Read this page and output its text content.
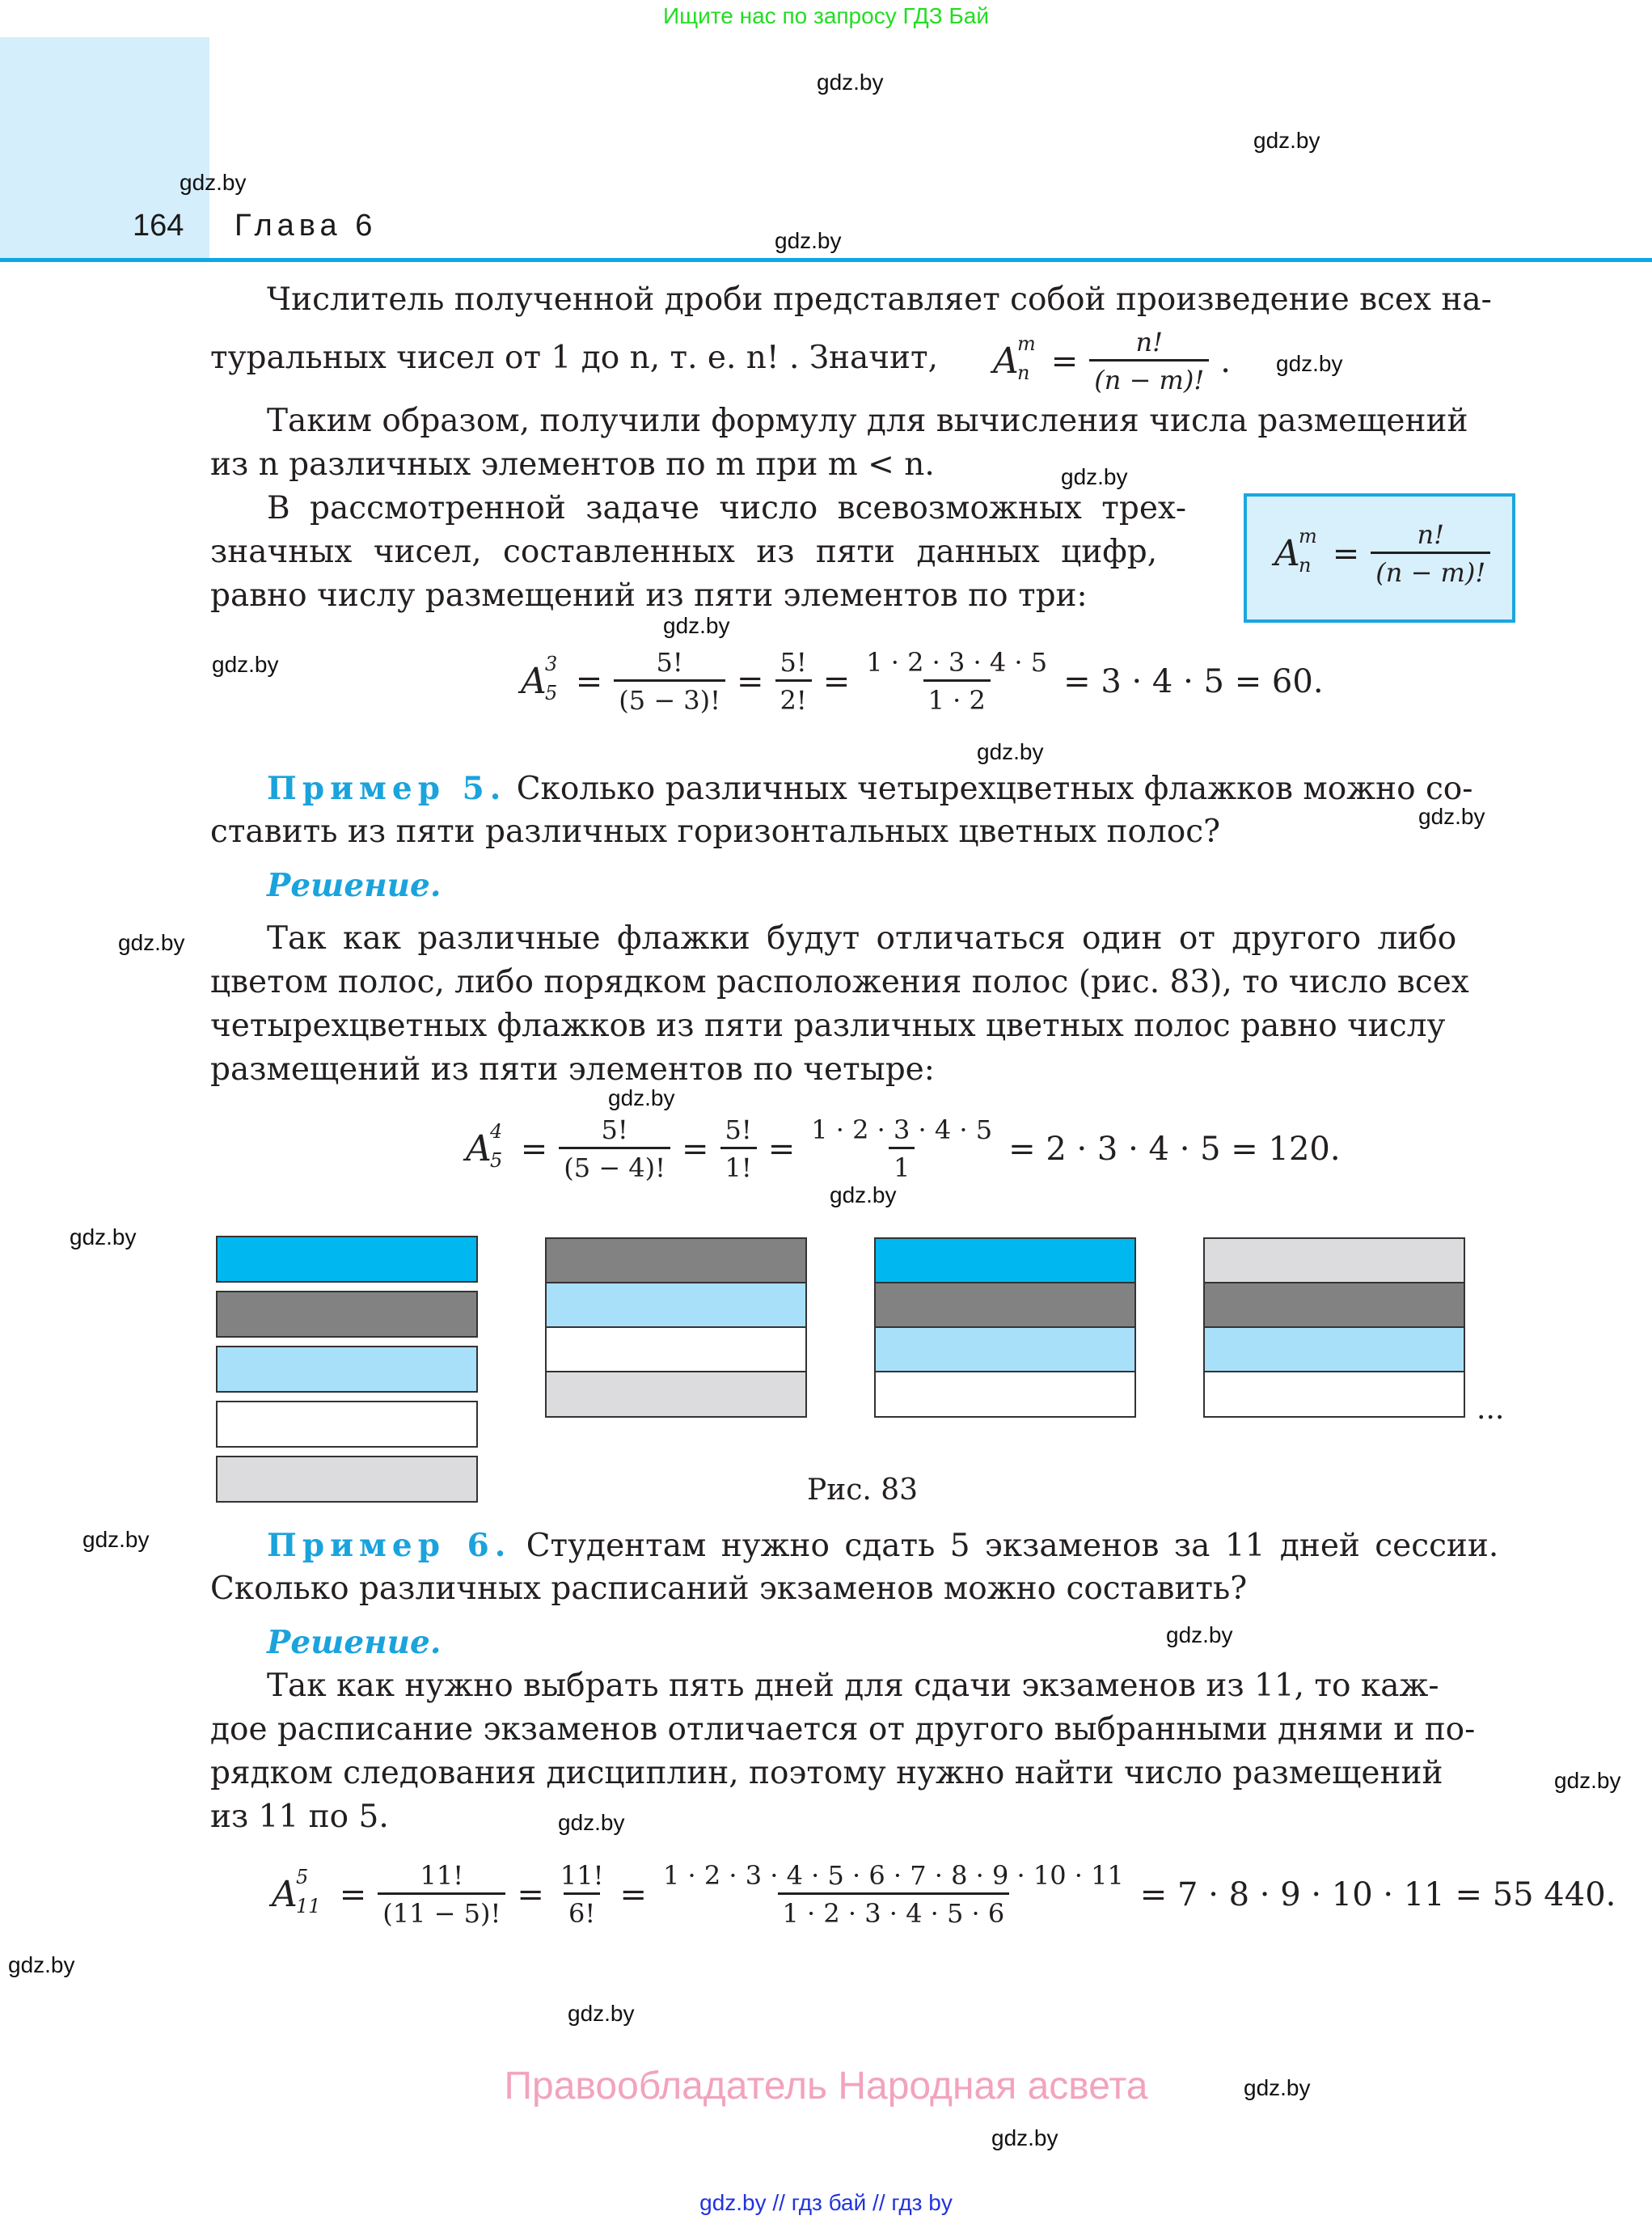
Ищите нас по запросу ГДЗ Бай
164 Глава 6
gdz.by
gdz.by
gdz.by
gdz.by
gdz.by
gdz.by
gdz.by
gdz.by
gdz.by
gdz.by
gdz.by
gdz.by
gdz.by
gdz.by
gdz.by
gdz.by
gdz.by
gdz.by
gdz.by
gdz.by
gdz.by
gdz.by
Числитель полученной дроби представляет собой произведение всех на-
туральных чисел от 1 до n, т. е. n! . Значит, A
m
$n = \frac{n!}{(n - m)!}$ .
Таким образом, получили формулу для вычисления числа размещений
из n различных элементов по m при m < n.
В рассмотренной задаче число всевозможных трех-
значных чисел, составленных из пяти данных цифр,
равно числу размещений из пяти элементов по три:
A
m
$n = \frac{n!}{(n - m)!}$
A
3
$5 = \frac{5!}{(5 - 3)!} = \frac{5!}{2!} = \frac{1 \cdot 2 \cdot 3 \cdot 4 \cdot 5}{1 \cdot 2} = 3 \cdot 4 \cdot 5 = 60$.
Пример 5. Сколько различных четырехцветных флажков можно со-
ставить из пяти различных горизонтальных цветных полос?
Решение.
Так как различные флажки будут отличаться один от другого либо
цветом полос, либо порядком расположения полос (рис. 83), то число всех
четырехцветных флажков из пяти различных цветных полос равно числу
размещений из пяти элементов по четыре:
A
4
$5 = \frac{5!}{(5 - 4)!} = \frac{5!}{1!} = \frac{1 \cdot 2 \cdot 3 \cdot 4 \cdot 5}{1} = 2 \cdot 3 \cdot 4 \cdot 5 = 120$.
...
Рис. 83
Пример 6. Студентам нужно сдать 5 экзаменов за 11 дней сессии.
Сколько различных расписаний экзаменов можно составить?
Решение.
Так как нужно выбрать пять дней для сдачи экзаменов из 11, то каж-
дое расписание экзаменов отличается от другого выбранными днями и по-
рядком следования дисциплин, поэтому нужно найти число размещений
из 11 по 5.
A
5
$11 = \frac{11!}{(11 - 5)!} = \frac{11!}{6!} = \frac{1 \cdot 2 \cdot 3 \cdot 4 \cdot 5 \cdot 6 \cdot 7 \cdot 8 \cdot 9 \cdot 10 \cdot 11}{1 \cdot 2 \cdot 3 \cdot 4 \cdot 5 \cdot 6} = 7 \cdot 8 \cdot 9 \cdot 10 \cdot 11 = 55$ 440.
Правообладатель Народная асвета
gdz.by // гдз бай // гдз by
